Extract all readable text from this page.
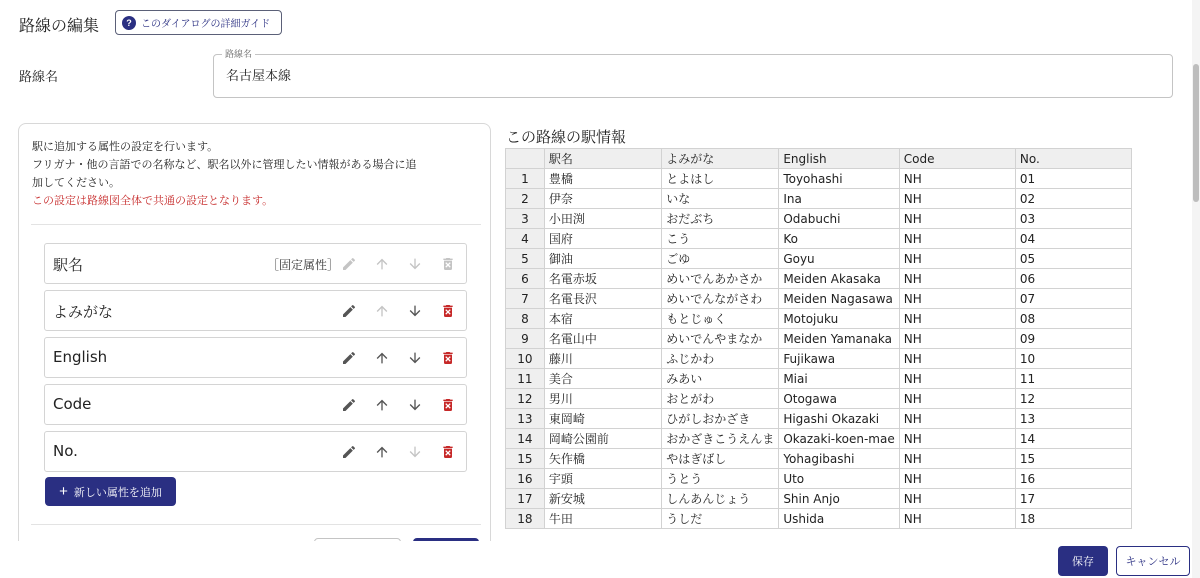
路線の編集	? このダイアログの詳細ガイド
路線名
路線名
名古屋本線
駅に追加する属性の設定を行います。
フリガナ・他の言語での名称など、駅名以外に管理したい情報がある場合に追
加してください。
この設定は路線図全体で共通の設定となります。
駅名	［固定属性］
よみがな
English
Code
No.
+ 新しい属性を追加
この路線の駅情報
	駅名	よみがな	English	Code	No.
1	豊橋	とよはし	Toyohashi	NH	01
2	伊奈	いな	Ina	NH	02
3	小田渕	おだぶち	Odabuchi	NH	03
4	国府	こう	Ko	NH	04
5	御油	ごゆ	Goyu	NH	05
6	名電赤坂	めいでんあかさか	Meiden Akasaka	NH	06
7	名電長沢	めいでんながさわ	Meiden Nagasawa	NH	07
8	本宿	もとじゅく	Motojuku	NH	08
9	名電山中	めいでんやまなか	Meiden Yamanaka	NH	09
10	藤川	ふじかわ	Fujikawa	NH	10
11	美合	みあい	Miai	NH	11
12	男川	おとがわ	Otogawa	NH	12
13	東岡崎	ひがしおかざき	Higashi Okazaki	NH	13
14	岡崎公園前	おかざきこうえんま	Okazaki-koen-mae	NH	14
15	矢作橋	やはぎばし	Yohagibashi	NH	15
16	宇頭	うとう	Uto	NH	16
17	新安城	しんあんじょう	Shin Anjo	NH	17
18	牛田	うしだ	Ushida	NH	18
保存	キャンセル
